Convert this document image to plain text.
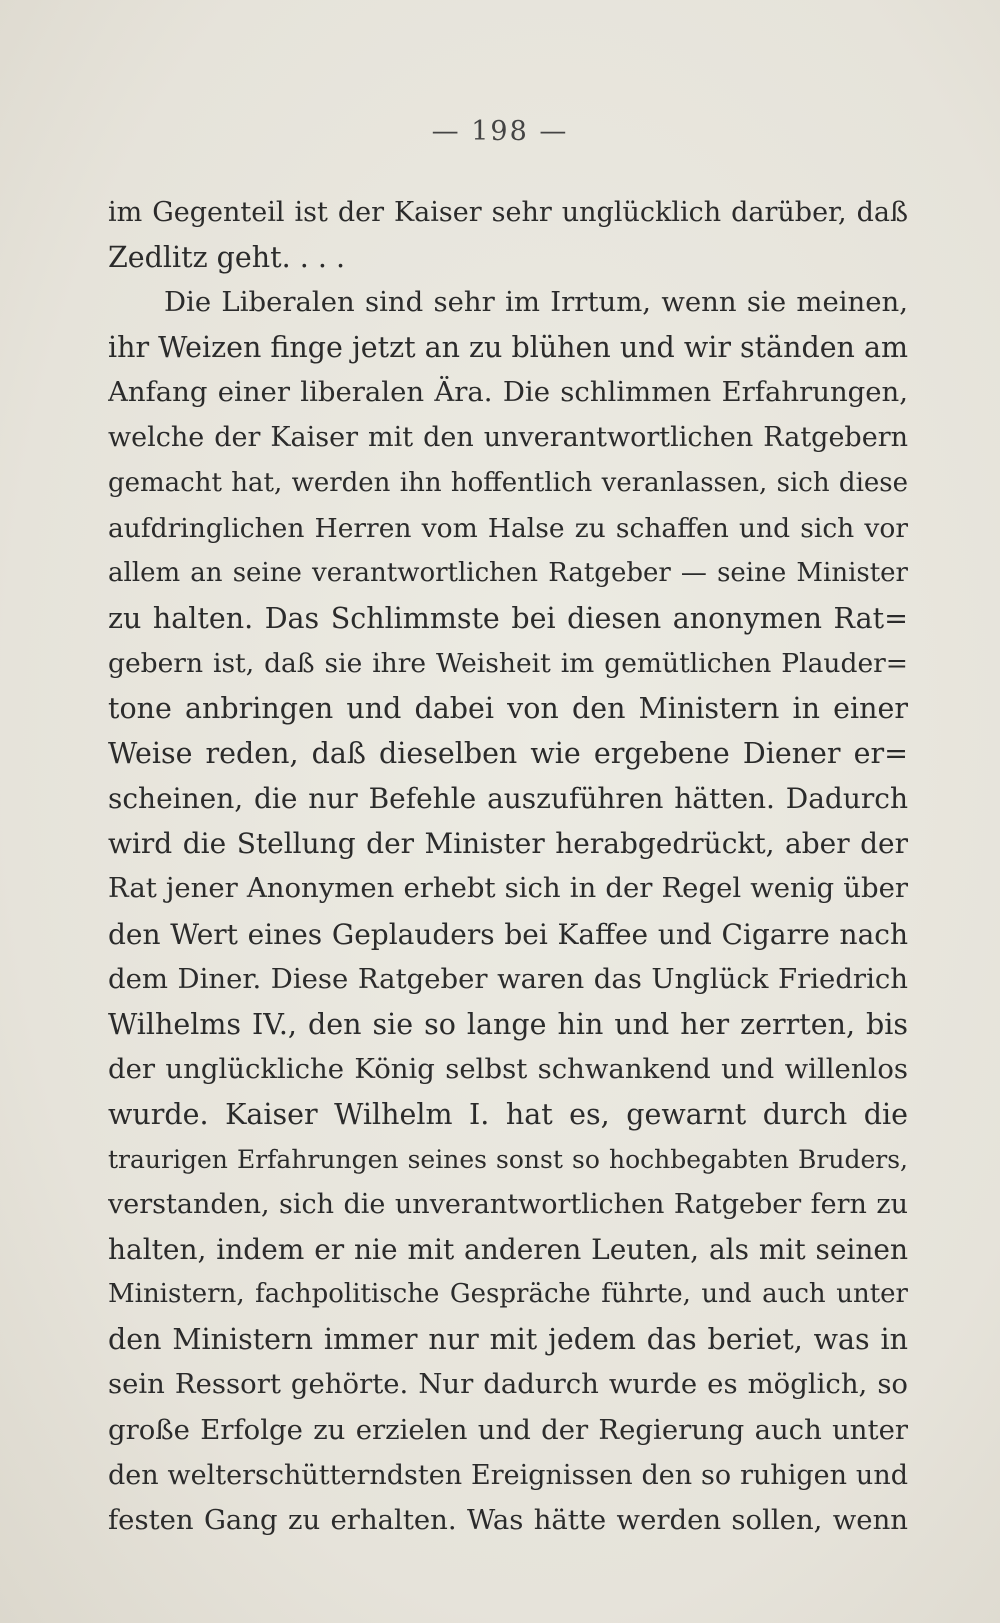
— 198 —
im Gegenteil ist der Kaiser sehr unglücklich darüber, daß
Zedlitz geht. . . .
Die Liberalen sind sehr im Irrtum, wenn sie meinen,
ihr Weizen finge jetzt an zu blühen und wir ständen am
Anfang einer liberalen Ära. Die schlimmen Erfahrungen,
welche der Kaiser mit den unverantwortlichen Ratgebern
gemacht hat, werden ihn hoffentlich veranlassen, sich diese
aufdringlichen Herren vom Halse zu schaffen und sich vor
allem an seine verantwortlichen Ratgeber — seine Minister
zu halten. Das Schlimmste bei diesen anonymen Rat=
gebern ist, daß sie ihre Weisheit im gemütlichen Plauder=
tone anbringen und dabei von den Ministern in einer
Weise reden, daß dieselben wie ergebene Diener er=
scheinen, die nur Befehle auszuführen hätten. Dadurch
wird die Stellung der Minister herabgedrückt, aber der
Rat jener Anonymen erhebt sich in der Regel wenig über
den Wert eines Geplauders bei Kaffee und Cigarre nach
dem Diner. Diese Ratgeber waren das Unglück Friedrich
Wilhelms IV., den sie so lange hin und her zerrten, bis
der unglückliche König selbst schwankend und willenlos
wurde. Kaiser Wilhelm I. hat es, gewarnt durch die
traurigen Erfahrungen seines sonst so hochbegabten Bruders,
verstanden, sich die unverantwortlichen Ratgeber fern zu
halten, indem er nie mit anderen Leuten, als mit seinen
Ministern, fachpolitische Gespräche führte, und auch unter
den Ministern immer nur mit jedem das beriet, was in
sein Ressort gehörte. Nur dadurch wurde es möglich, so
große Erfolge zu erzielen und der Regierung auch unter
den welterschütterndsten Ereignissen den so ruhigen und
festen Gang zu erhalten. Was hätte werden sollen, wenn
